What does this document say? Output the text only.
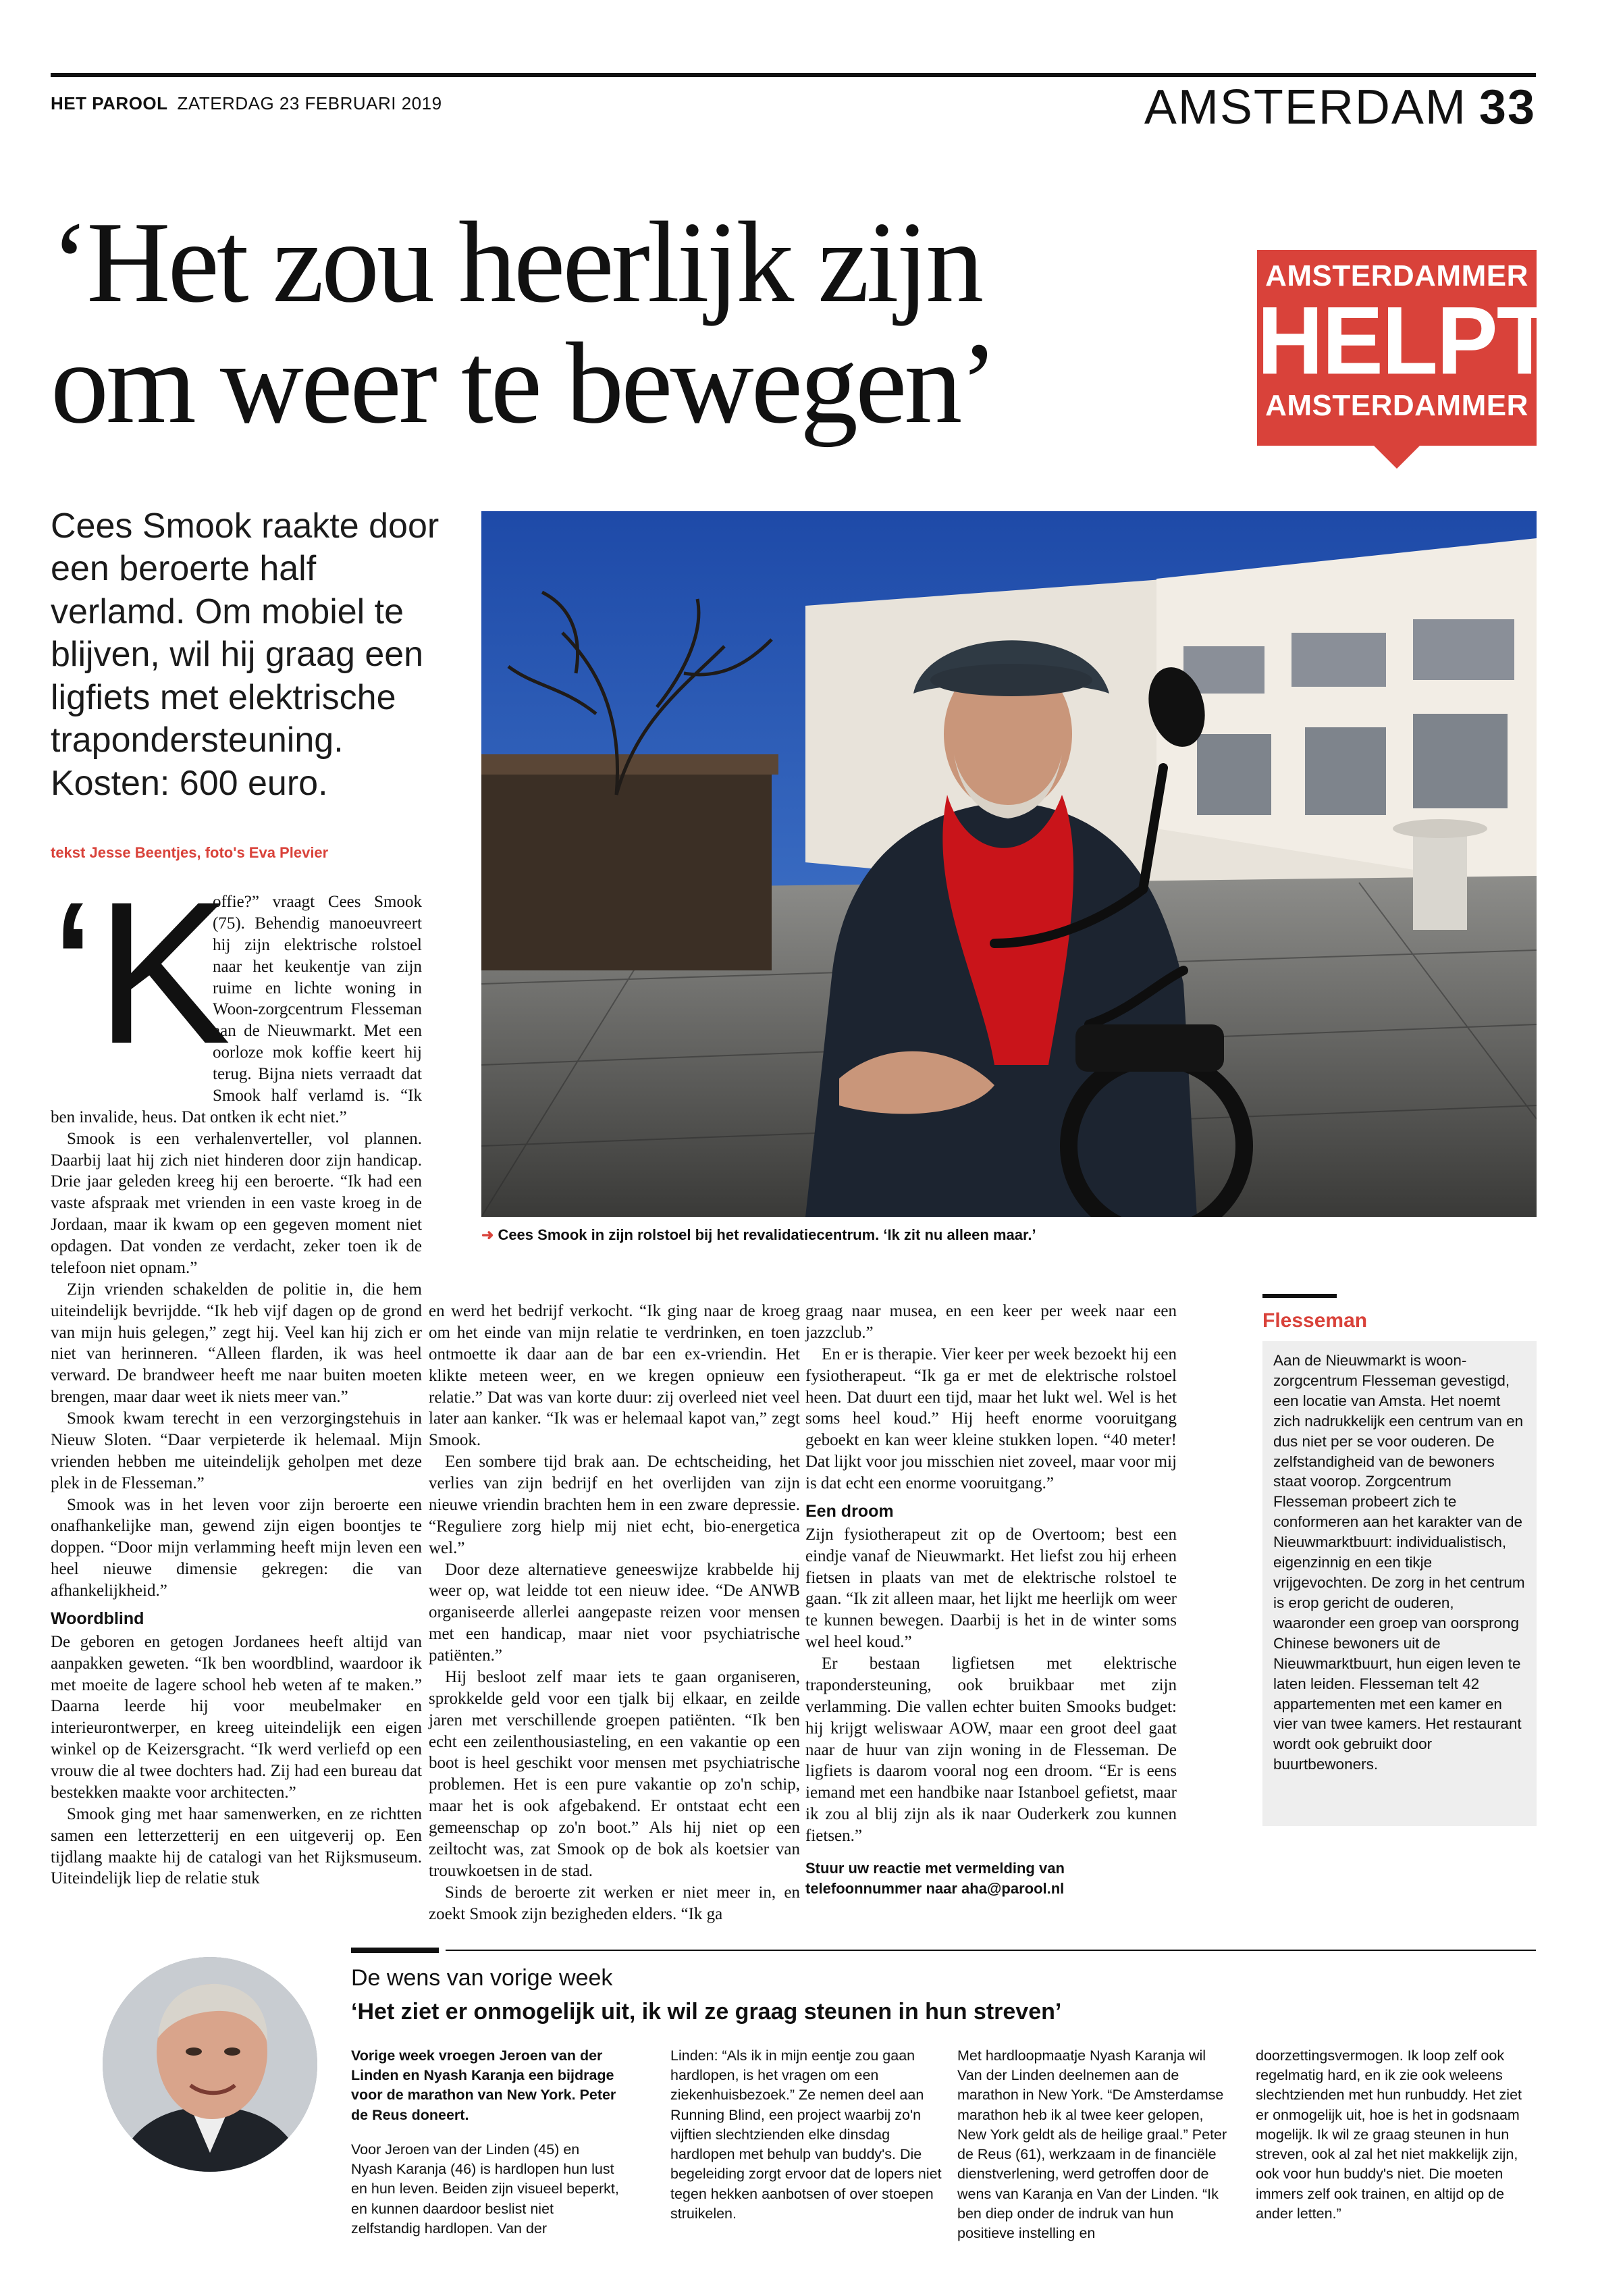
HET PAROOL ZATERDAG 23 FEBRUARI 2019	AMSTERDAM 33
‘Het zou heerlijk zijn
om weer te bewegen’
AMSTERDAMMER
HELPT
AMSTERDAMMER
Cees Smook raakte door een beroerte half verlamd. Om mobiel te blijven, wil hij graag een ligfiets met elektrische trapondersteuning. Kosten: 600 euro.
tekst Jesse Beentjes, foto's Eva Plevier
➜ Cees Smook in zijn rolstoel bij het revalidatiecentrum. ‘Ik zit nu alleen maar.’

offie?” vraagt Cees Smook (75). Behendig manoeuvreert hij zijn elektrische rolstoel naar het keukentje van zijn ruime en lichte woning in Woon-zorgcentrum Flesseman aan de Nieuwmarkt. Met een oorloze mok koffie keert hij terug. Bijna niets verraadt dat Smook half verlamd is. “Ik ben invalide, heus. Dat ontken ik echt niet.”

Smook is een verhalenverteller, vol plannen. Daarbij laat hij zich niet hinderen door zijn handicap. Drie jaar geleden kreeg hij een beroerte. “Ik had een vaste afspraak met vrienden in een vaste kroeg in de Jordaan, maar ik kwam op een gegeven moment niet opdagen. Dat vonden ze verdacht, zeker toen ik de telefoon niet opnam.”

Zijn vrienden schakelden de politie in, die hem uiteindelijk bevrijdde. “Ik heb vijf dagen op de grond van mijn huis gelegen,” zegt hij. Veel kan hij zich er niet van herinneren. “Alleen flarden, ik was heel verward. De brandweer heeft me naar buiten moeten brengen, maar daar weet ik niets meer van.”

Smook kwam terecht in een verzorgingstehuis in Nieuw Sloten. “Daar verpieterde ik helemaal. Mijn vrienden hebben me uiteindelijk geholpen met deze plek in de Flesseman.”

Smook was in het leven voor zijn beroerte een onafhankelijke man, gewend zijn eigen boontjes te doppen. “Door mijn verlamming heeft mijn leven een heel nieuwe dimensie gekregen: die van afhankelijkheid.”

Woordblind

De geboren en getogen Jordanees heeft altijd van aanpakken geweten. “Ik ben woordblind, waardoor ik met moeite de lagere school heb weten af te maken.” Daarna leerde hij voor meubelmaker en interieurontwerper, en kreeg uiteindelijk een eigen winkel op de Keizersgracht. “Ik werd verliefd op een vrouw die al twee dochters had. Zij had een bureau dat bestekken maakte voor architecten.”

Smook ging met haar samenwerken, en ze richtten samen een letterzetterij en een uitgeverij op. Een tijdlang maakte hij de catalogi van het Rijksmuseum. Uiteindelijk liep de relatie stuk

‘K

en werd het bedrijf verkocht. “Ik ging naar de kroeg om het einde van mijn relatie te verdrinken, en toen ontmoette ik daar aan de bar een ex-vriendin. Het klikte meteen weer, en we kregen opnieuw een relatie.” Dat was van korte duur: zij overleed niet veel later aan kanker. “Ik was er helemaal kapot van,” zegt Smook.

Een sombere tijd brak aan. De echtscheiding, het verlies van zijn bedrijf en het overlijden van zijn nieuwe vriendin brachten hem in een zware depressie. “Reguliere zorg hielp mij niet echt, bio-energetica wel.”

Door deze alternatieve geneeswijze krabbelde hij weer op, wat leidde tot een nieuw idee. “De ANWB organiseerde allerlei aangepaste reizen voor mensen met een handicap, maar niet voor psychiatrische patiënten.”

Hij besloot zelf maar iets te gaan organiseren, sprokkelde geld voor een tjalk bij elkaar, en zeilde jaren met verschillende groepen patiënten. “Ik ben echt een zeilenthousiasteling, en een vakantie op een boot is heel geschikt voor mensen met psychiatrische problemen. Het is een pure vakantie op zo'n schip, maar het is ook afgebakend. Er ontstaat echt een gemeenschap op zo'n boot.” Als hij niet op een zeiltocht was, zat Smook op de bok als koetsier van trouwkoetsen in de stad.

Sinds de beroerte zit werken er niet meer in, en zoekt Smook zijn bezigheden elders. “Ik ga

graag naar musea, en een keer per week naar een jazzclub.”

En er is therapie. Vier keer per week bezoekt hij een fysiotherapeut. “Ik ga er met de elektrische rolstoel heen. Dat duurt een tijd, maar het lukt wel. Wel is het soms heel koud.” Hij heeft enorme vooruitgang geboekt en kan weer kleine stukken lopen. “40 meter! Dat lijkt voor jou misschien niet zoveel, maar voor mij is dat echt een enorme vooruitgang.”

Een droom

Zijn fysiotherapeut zit op de Overtoom; best een eindje vanaf de Nieuwmarkt. Het liefst zou hij erheen fietsen in plaats van met de elektrische rolstoel te gaan. “Ik zit alleen maar, het lijkt me heerlijk om weer te kunnen bewegen. Daarbij is het in de winter soms wel heel koud.”

Er bestaan ligfietsen met elektrische trapondersteuning, ook bruikbaar met zijn verlamming. Die vallen echter buiten Smooks budget: hij krijgt weliswaar AOW, maar een groot deel gaat naar de huur van zijn woning in de Flesseman. De ligfiets is daarom vooral nog een droom. “Er is eens iemand met een handbike naar Istanboel gefietst, maar ik zou al blij zijn als ik naar Ouderkerk zou kunnen fietsen.”

Stuur uw reactie met vermelding van telefoonnummer naar aha@parool.nl
Flesseman
Aan de Nieuwmarkt is woon-zorgcentrum Flesseman gevestigd, een locatie van Amsta. Het noemt zich nadrukkelijk een centrum van en dus niet per se voor ouderen. De zelfstandigheid van de bewoners staat voorop. Zorgcentrum Flesseman probeert zich te conformeren aan het karakter van de Nieuwmarktbuurt: individualistisch, eigenzinnig en een tikje vrijgevochten. De zorg in het centrum is erop gericht de ouderen, waaronder een groep van oorsprong Chinese bewoners uit de Nieuwmarktbuurt, hun eigen leven te laten leiden. Flesseman telt 42 appartementen met een kamer en vier van twee kamers. Het restaurant wordt ook gebruikt door buurtbewoners.
De wens van vorige week
‘Het ziet er onmogelijk uit, ik wil ze graag steunen in hun streven’

Vorige week vroegen Jeroen van der Linden en Nyash Karanja een bijdrage voor de marathon van New York. Peter de Reus doneert.

Voor Jeroen van der Linden (45) en Nyash Karanja (46) is hardlopen hun lust en hun leven. Beiden zijn visueel beperkt, en kunnen daardoor beslist niet zelfstandig hardlopen. Van der

Linden: “Als ik in mijn eentje zou gaan hardlopen, is het vragen om een ziekenhuisbezoek.” Ze nemen deel aan Running Blind, een project waarbij zo'n vijftien slechtzienden elke dinsdag hardlopen met behulp van buddy's. Die begeleiding zorgt ervoor dat de lopers niet tegen hekken aanbotsen of over stoepen struikelen.

Met hardloopmaatje Nyash Karanja wil Van der Linden deelnemen aan de marathon in New York. “De Amsterdamse marathon heb ik al twee keer gelopen, New York geldt als de heilige graal.” Peter de Reus (61), werkzaam in de financiële dienstverlening, werd getroffen door de wens van Karanja en Van der Linden. “Ik ben diep onder de indruk van hun positieve instelling en

doorzettingsvermogen. Ik loop zelf ook regelmatig hard, en ik zie ook weleens slechtzienden met hun runbuddy. Het ziet er onmogelijk uit, hoe is het in godsnaam mogelijk. Ik wil ze graag steunen in hun streven, ook al zal het niet makkelijk zijn, ook voor hun buddy's niet. Die moeten immers zelf ook trainen, en altijd op de ander letten.”
